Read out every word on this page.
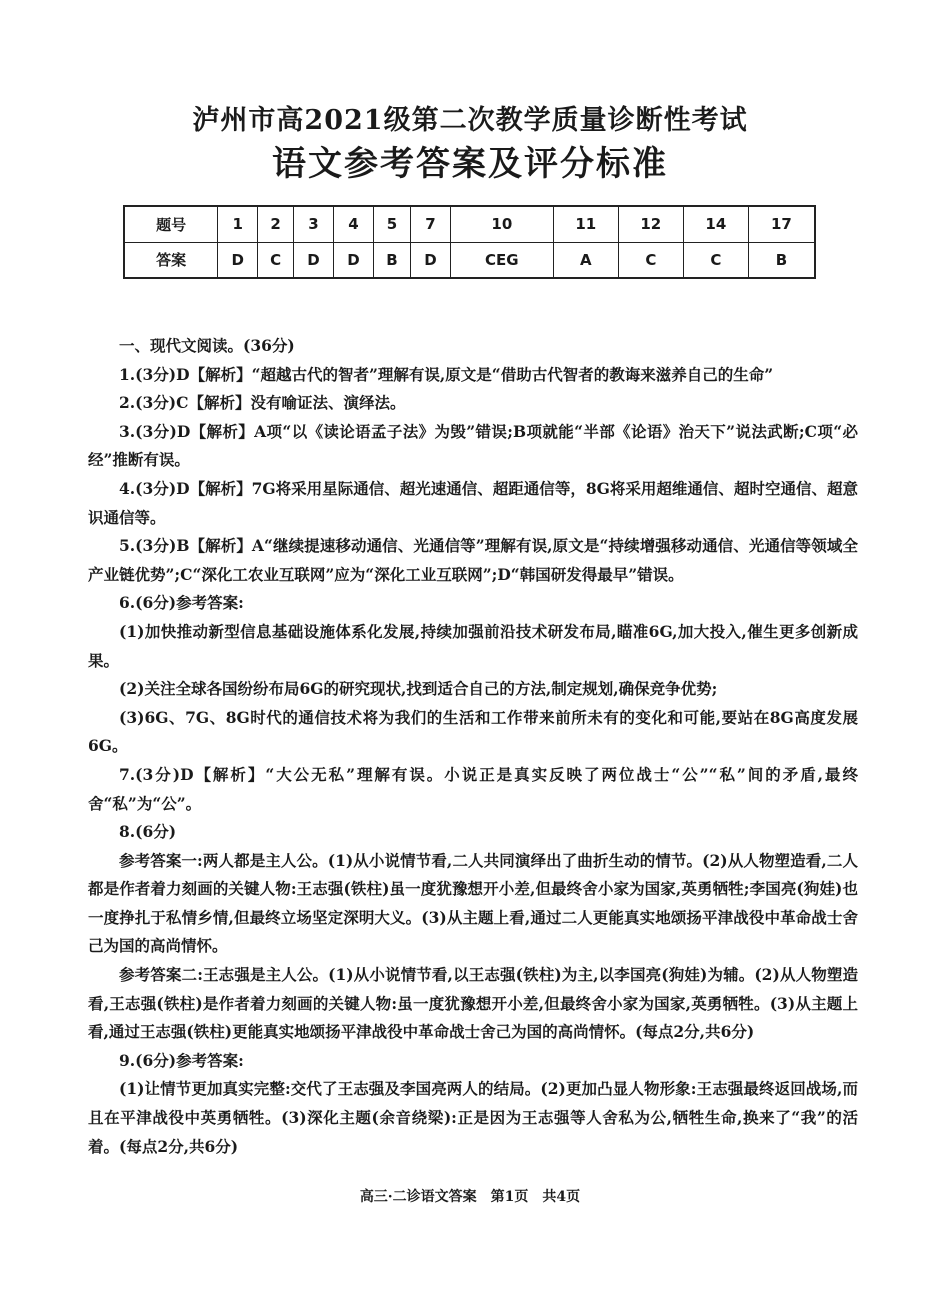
泸州市高2021级第二次教学质量诊断性考试
语文参考答案及评分标准
题号	1	2	3	4	5	7	10	11	12	14	17
答案	D	C	D	D	B	D	CEG	A	C	C	B

一、现代文阅读。(36分)

1.(3分)D【解析】“超越古代的智者”理解有误,原文是“借助古代智者的教诲来滋养自己的生命”

2.(3分)C【解析】没有喻证法、演绎法。

3.(3分)D【解析】A项“以《读论语孟子法》为毁”错误;B项就能“半部《论语》治天下”说法武断;C项“必经”推断有误。

4.(3分)D【解析】7G将采用星际通信、超光速通信、超距通信等，8G将采用超维通信、超时空通信、超意识通信等。

5.(3分)B【解析】A“继续提速移动通信、光通信等”理解有误,原文是“持续增强移动通信、光通信等领域全产业链优势”;C“深化工农业互联网”应为“深化工业互联网”;D“韩国研发得最早”错误。

6.(6分)参考答案:

(1)加快推动新型信息基础设施体系化发展,持续加强前沿技术研发布局,瞄准6G,加大投入,催生更多创新成果。

(2)关注全球各国纷纷布局6G的研究现状,找到适合自己的方法,制定规划,确保竞争优势;

(3)6G、7G、8G时代的通信技术将为我们的生活和工作带来前所未有的变化和可能,要站在8G高度发展6G。

7.(3分)D【解析】“大公无私”理解有误。小说正是真实反映了两位战士“公”“私”间的矛盾,最终舍“私”为“公”。

8.(6分)

参考答案一:两人都是主人公。(1)从小说情节看,二人共同演绎出了曲折生动的情节。(2)从人物塑造看,二人都是作者着力刻画的关键人物:王志强(铁柱)虽一度犹豫想开小差,但最终舍小家为国家,英勇牺牲;李国亮(狗娃)也一度挣扎于私情乡情,但最终立场坚定深明大义。(3)从主题上看,通过二人更能真实地颂扬平津战役中革命战士舍己为国的高尚情怀。

参考答案二:王志强是主人公。(1)从小说情节看,以王志强(铁柱)为主,以李国亮(狗娃)为辅。(2)从人物塑造看,王志强(铁柱)是作者着力刻画的关键人物:虽一度犹豫想开小差,但最终舍小家为国家,英勇牺牲。(3)从主题上看,通过王志强(铁柱)更能真实地颂扬平津战役中革命战士舍己为国的高尚情怀。(每点2分,共6分)

9.(6分)参考答案:

(1)让情节更加真实完整:交代了王志强及李国亮两人的结局。(2)更加凸显人物形象:王志强最终返回战场,而且在平津战役中英勇牺牲。(3)深化主题(余音绕梁):正是因为王志强等人舍私为公,牺牲生命,换来了“我”的活着。(每点2分,共6分)

高三·二诊语文答案　第1页　共4页
